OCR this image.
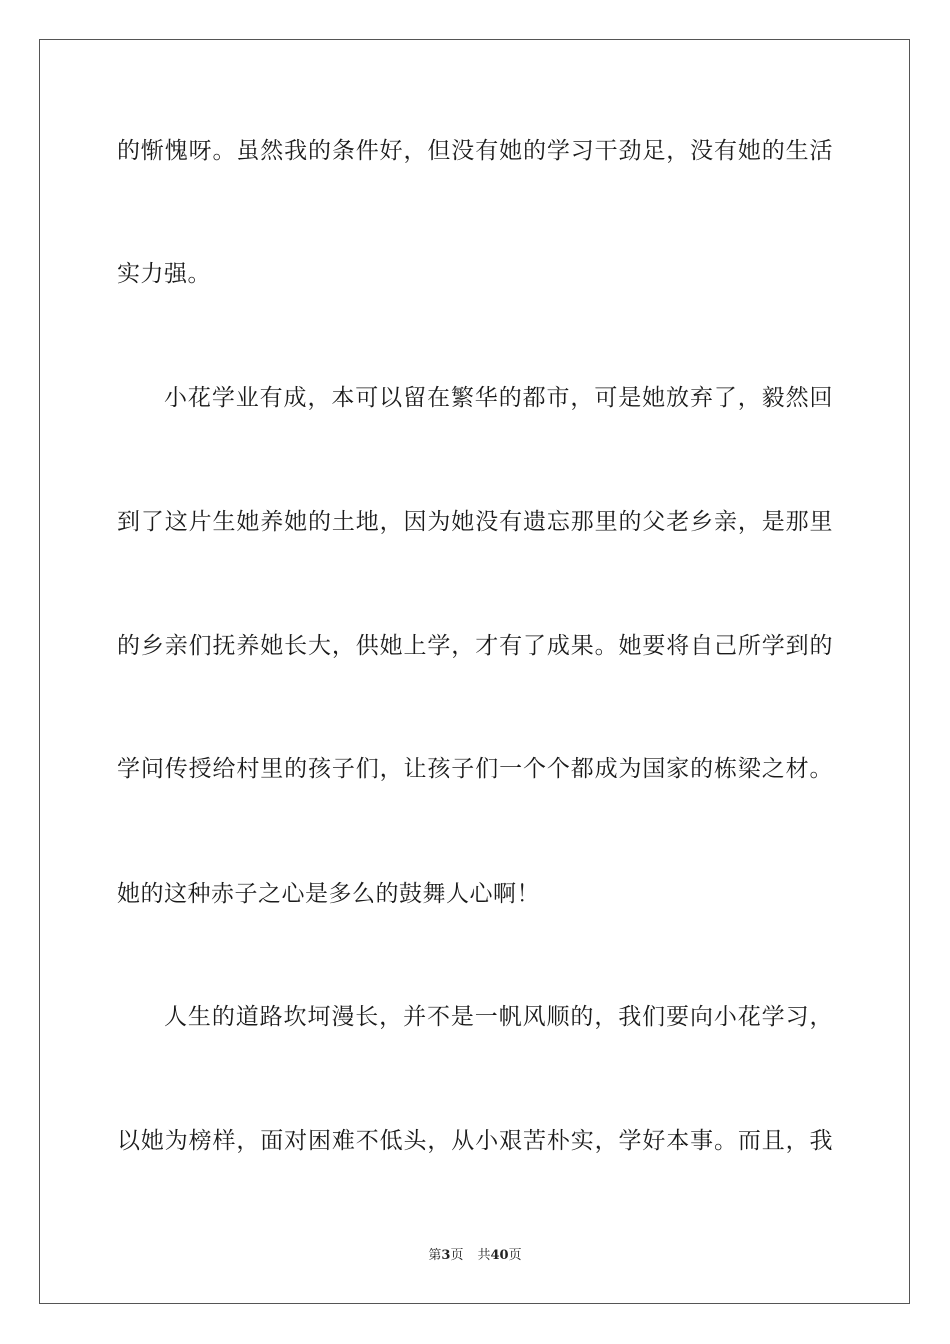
的惭愧呀。虽然我的条件好，但没有她的学习干劲足，没有她的生活
实力强。
小花学业有成，本可以留在繁华的都市，可是她放弃了，毅然回
到了这片生她养她的土地，因为她没有遗忘那里的父老乡亲，是那里
的乡亲们抚养她长大，供她上学，才有了成果。她要将自己所学到的
学问传授给村里的孩子们，让孩子们一个个都成为国家的栋梁之材。
她的这种赤子之心是多么的鼓舞人心啊！
人生的道路坎坷漫长，并不是一帆风顺的，我们要向小花学习，
以她为榜样，面对困难不低头，从小艰苦朴实，学好本事。而且，我
第3页 共40页
